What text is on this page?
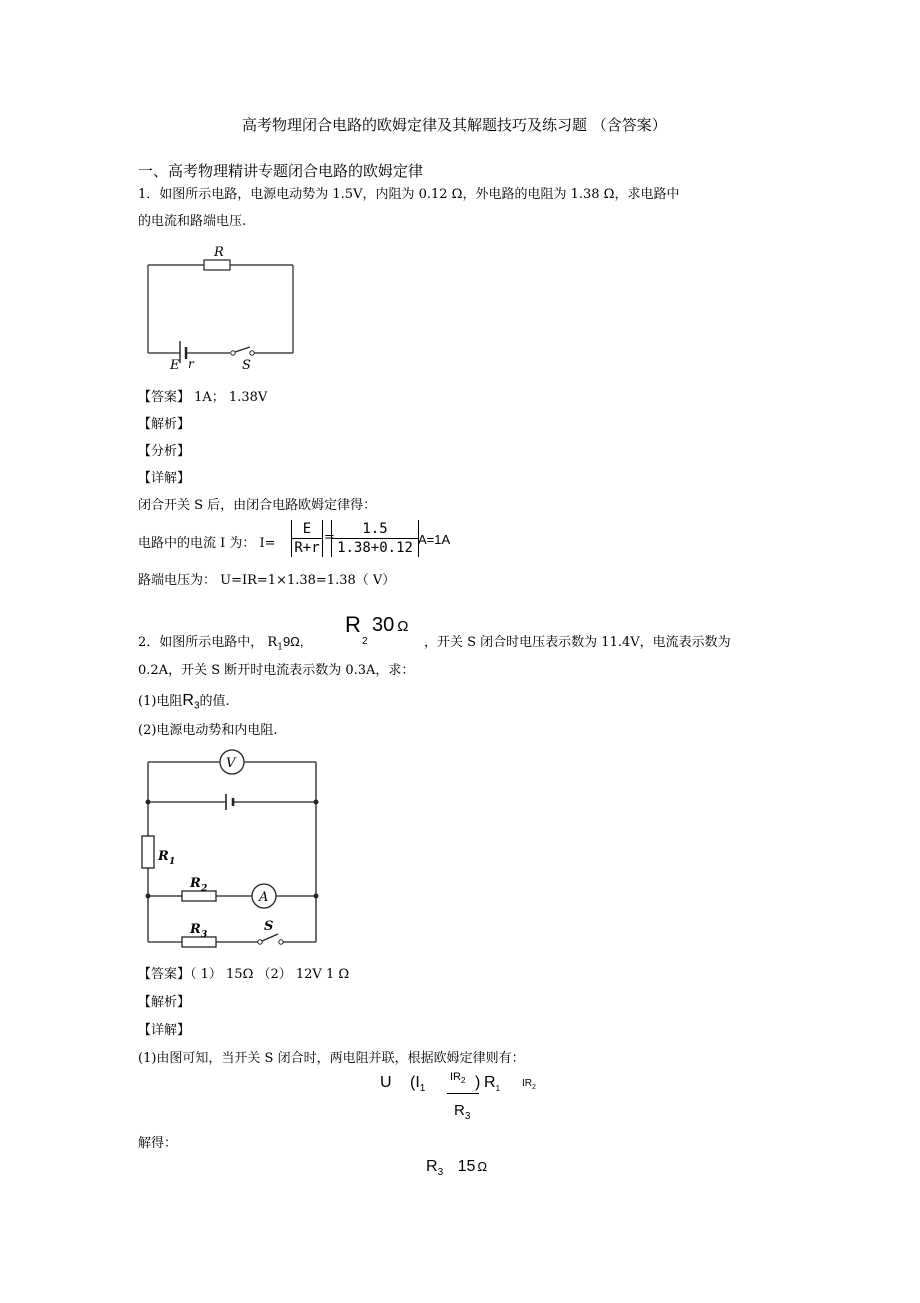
高考物理闭合电路的欧姆定律及其解题技巧及练习题 （含答案）
一、高考物理精讲专题闭合电路的欧姆定律
1．如图所示电路，电源电动势为 1.5V，内阻为 0.12 Ω，外电路的电阻为 1.38 Ω，求电路中
的电流和路端电压.
R
E r	S
【答案】 1A； 1.38V
【解析】
【分析】
【详解】
闭合开关 S 后，由闭合电路欧姆定律得：
电路中的电流 I 为： I=
E
R+r
=
1.5
1.38+0.12
A=1A
路端电压为： U=IR=1×1.38=1.38（ V）
2．如图所示电路中， $R_19\Omega$,
R
2
30 Ω
，开关 S 闭合时电压表示数为 11.4V，电流表示数为
0.2A，开关 S 断开时电流表示数为 0.3A，求：
(1)电阻$R_3$的值.
(2)电源电动势和内电阻.
V
R 1
A
R 2
R 3
S
【答案】（ 1） 15Ω （2） 12V 1 Ω
【解析】
【详解】
(1)由图可知，当开关 S 闭合时，两电阻并联，根据欧姆定律则有：
U ($I_1$
$IR_2$ ) $R_1$ $IR_2$
$R_3$
解得：
$R_3$ 15 Ω
